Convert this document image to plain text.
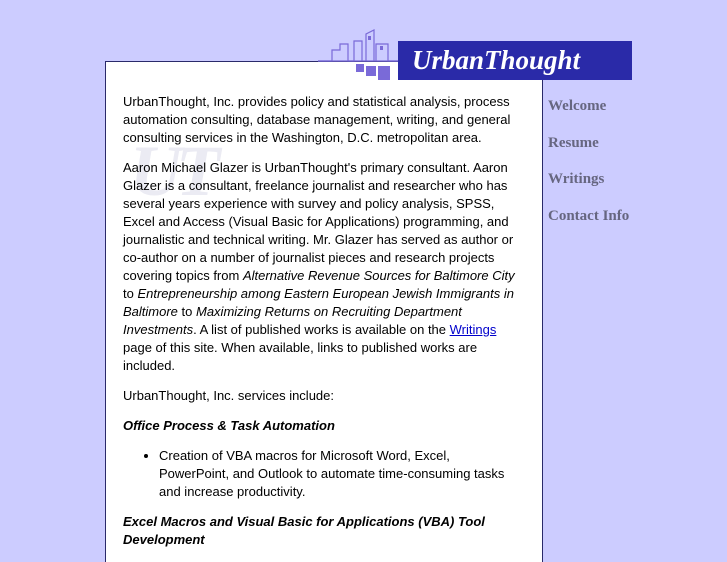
UT
UrbanThought
Welcome
Resume
Writings
Contact Info

UrbanThought, Inc. provides policy and statistical analysis, process automation consulting, database management, writing, and general consulting services in the Washington, D.C. metropolitan area.

Aaron Michael Glazer is UrbanThought's primary consultant. Aaron Glazer is a consultant, freelance journalist and researcher who has several years experience with survey and policy analysis, SPSS, Excel and Access (Visual Basic for Applications) programming, and journalistic and technical writing. Mr. Glazer has served as author or co-author on a number of journalist pieces and research projects covering topics from Alternative Revenue Sources for Baltimore City to Entrepreneurship among Eastern European Jewish Immigrants in Baltimore to Maximizing Returns on Recruiting Department Investments. A list of published works is available on the Writings page of this site. When available, links to published works are included.

UrbanThought, Inc. services include:

Office Process & Task Automation

• Creation of VBA macros for Microsoft Word, Excel, PowerPoint, and Outlook to automate time-consuming tasks and increase productivity.

Excel Macros and Visual Basic for Applications (VBA) Tool Development
